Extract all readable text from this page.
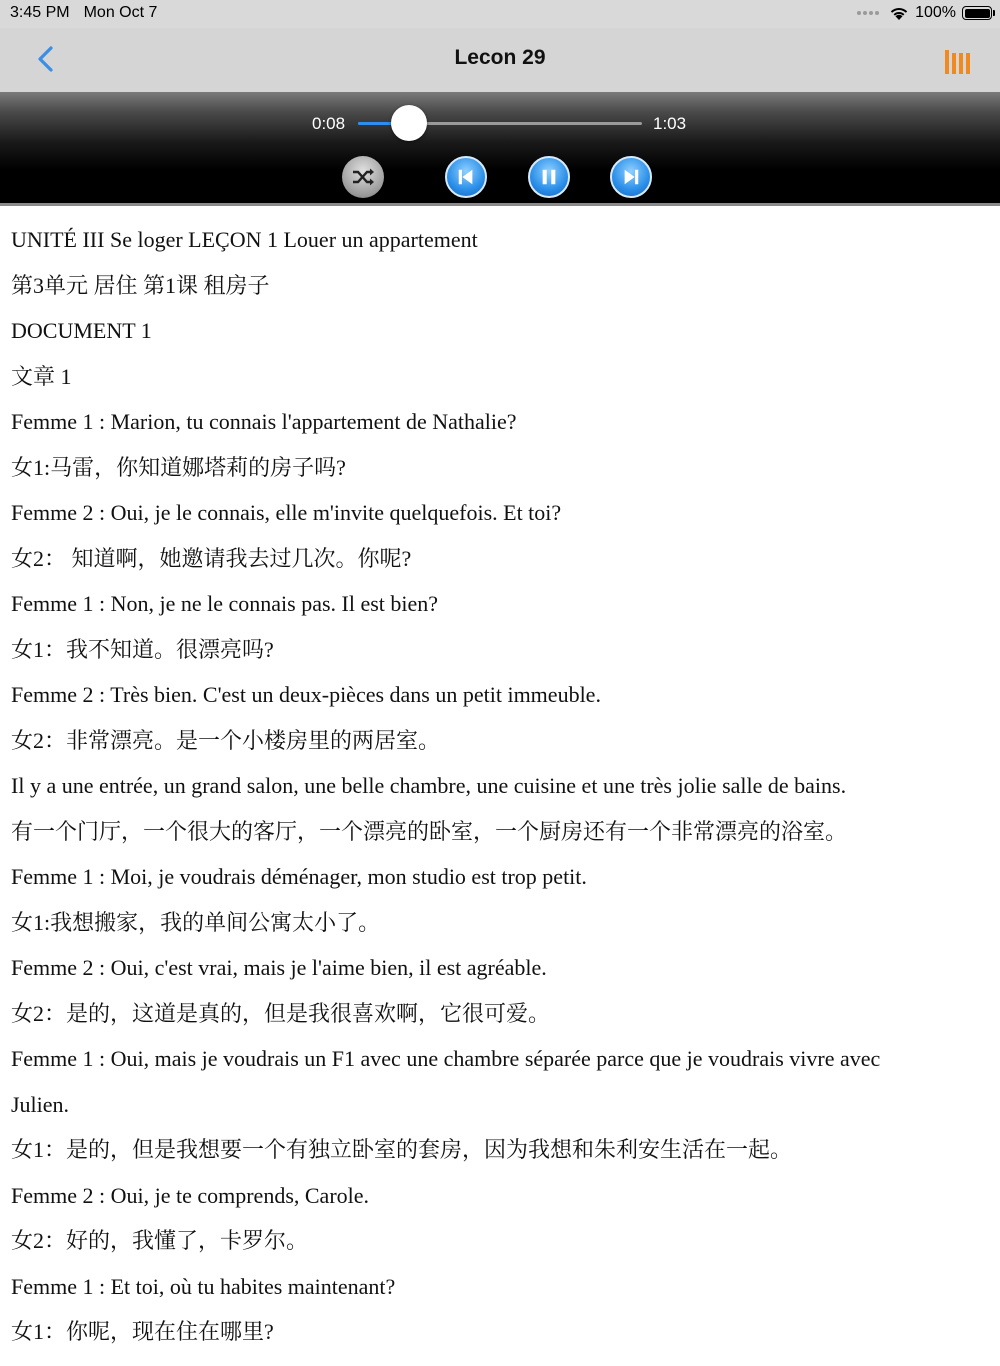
3:45 PM Mon Oct 7	100%
Lecon 29
0:08	1:03
UNITÉ III Se loger LEÇON 1 Louer un appartement
第3单元 居住 第1课 租房子
DOCUMENT 1
文章 1
Femme 1 : Marion, tu connais l'appartement de Nathalie?
女1:马雷，你知道娜塔莉的房子吗?
Femme 2 : Oui, je le connais, elle m'invite quelquefois. Et toi?
女2： 知道啊，她邀请我去过几次。你呢?
Femme 1 : Non, je ne le connais pas. Il est bien?
女1：我不知道。很漂亮吗?
Femme 2 : Très bien. C'est un deux-pièces dans un petit immeuble.
女2：非常漂亮。是一个小楼房里的两居室。
Il y a une entrée, un grand salon, une belle chambre, une cuisine et une très jolie salle de bains.
有一个门厅，一个很大的客厅，一个漂亮的卧室，一个厨房还有一个非常漂亮的浴室。
Femme 1 : Moi, je voudrais déménager, mon studio est trop petit.
女1:我想搬家，我的单间公寓太小了。
Femme 2 : Oui, c'est vrai, mais je l'aime bien, il est agréable.
女2：是的，这道是真的，但是我很喜欢啊，它很可爱。
Femme 1 : Oui, mais je voudrais un F1 avec une chambre séparée parce que je voudrais vivre avec
Julien.
女1：是的，但是我想要一个有独立卧室的套房，因为我想和朱利安生活在一起。
Femme 2 : Oui, je te comprends, Carole.
女2：好的，我懂了，卡罗尔。
Femme 1 : Et toi, où tu habites maintenant?
女1：你呢，现在住在哪里?
